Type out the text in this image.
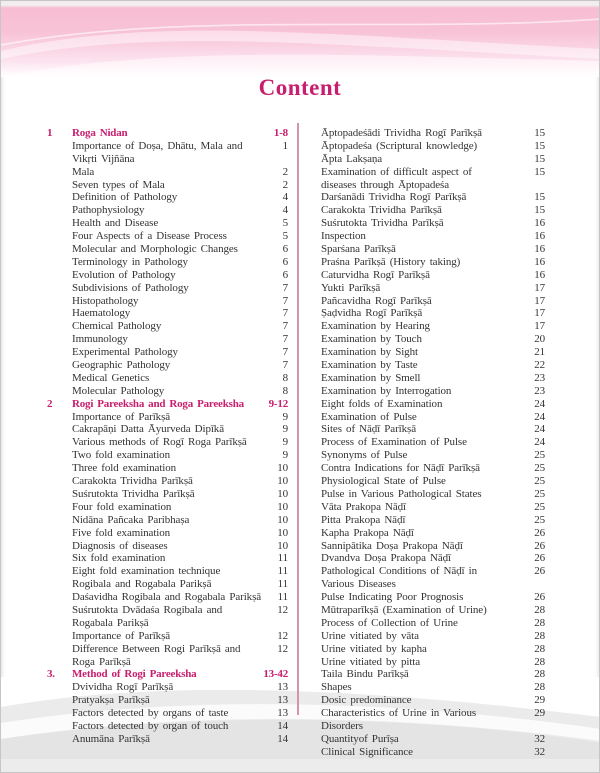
Content
1	Roga Nidan	1-8
Importance of Doṣa, Dhātu, Mala and	1
Vikṛti Vijñāna
Mala	2
Seven types of Mala	2
Definition of Pathology	4
Pathophysiology	4
Health and Disease	5
Four Aspects of a Disease Process	5
Molecular and Morphologic Changes	6
Terminology in Pathology	6
Evolution of Pathology	6
Subdivisions of Pathology	7
Histopathology	7
Haematology	7
Chemical Pathology	7
Immunology	7
Experimental Pathology	7
Geographic Pathology	7
Medical Genetics	8
Molecular Pathology	8
2	Rogi Pareeksha and Roga Pareeksha	9-12
Importance of Parīkṣā	9
Cakrapāṇi Datta Āyurveda Dipīkā	9
Various methods of Rogī Roga Parīkṣā	9
Two fold examination	9
Three fold examination	10
Carakokta Trividha Parīkṣā	10
Suśrutokta Trividha Parīkṣā	10
Four fold examination	10
Nidāna Pañcaka Paribhaṣa	10
Five fold examination	10
Diagnosis of diseases	10
Six fold examination	11
Eight fold examination technique	11
Rogibala and Rogabala Parikṣā	11
Daśavidha Rogibala and Rogabala Parikṣā	11
Suśrutokta Dvādaśa Rogibala and	12
Rogabala Parikṣā
Importance of Parīkṣā	12
Difference Between Rogi Parīkṣā and	12
Roga Parīkṣā
3.	Method of Rogi Pareeksha	13-42
Dvividha Rogī Parīkṣā	13
Pratyakṣa Parīkṣā	13
Factors detected by organs of taste	13
Factors detected by organ of touch	14
Anumāna Parīkṣā	14
Āptopadeśādi Trividha Rogī Parīkṣā	15
Āptopadeśa (Scriptural knowledge)	15
Āpta Lakṣaṇa	15
Examination of difficult aspect of	15
diseases through Āptopadeśa
Darśanādi Trividha Rogī Parīkṣā	15
Carakokta Trividha Parīkṣā	15
Suśrutokta Trividha Parīkṣā	16
Inspection	16
Sparśana Parīkṣā	16
Praśna Parīkṣā (History taking)	16
Caturvidha Rogī Parīkṣā	16
Yukti Parīkṣā	17
Pañcavidha Rogī Parīkṣā	17
Ṣaḍvidha Rogī Parīkṣā	17
Examination by Hearing	17
Examination by Touch	20
Examination by Sight	21
Examination by Taste	22
Examination by Smell	23
Examination by Interrogation	23
Eight folds of Examination	24
Examination of Pulse	24
Sites of Nāḍī Parīkṣā	24
Process of Examination of Pulse	24
Synonyms of Pulse	25
Contra Indications for Nāḍī Parīkṣā	25
Physiological State of Pulse	25
Pulse in Various Pathological States	25
Vāta Prakopa Nāḍī	25
Pitta Prakopa Nāḍī	25
Kapha Prakopa Nāḍī	26
Sannipātika Doṣa Prakopa Nāḍī	26
Dvandva Doṣa Prakopa Nāḍī	26
Pathological Conditions of Nāḍī in	26
Various Diseases
Pulse Indicating Poor Prognosis	26
Mūtraparīkṣā (Examination of Urine)	28
Process of Collection of Urine	28
Urine vitiated by vāta	28
Urine vitiated by kapha	28
Urine vitiated by pitta	28
Taila Bindu Parīkṣā	28
Shapes	28
Dosic predominance	29
Characteristics of Urine in Various	29
Disorders
Quantityof Purīṣa	32
Clinical Significance	32
